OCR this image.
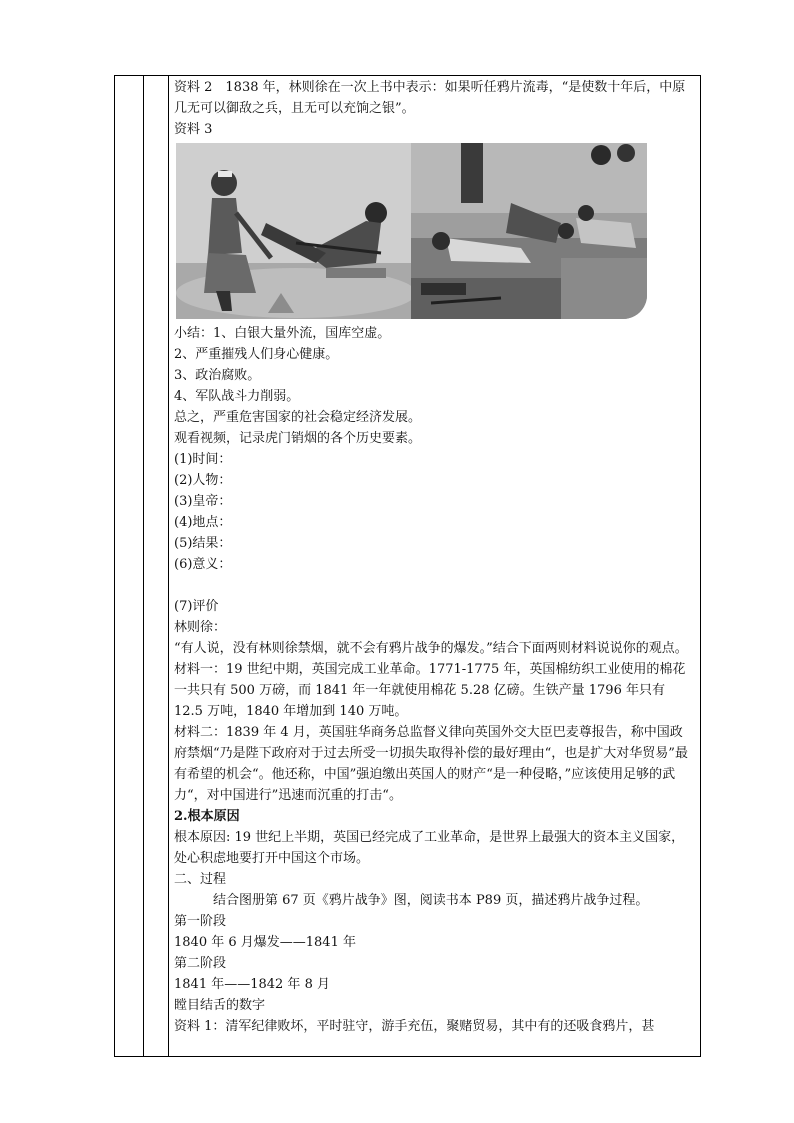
资料 2　1838 年，林则徐在一次上书中表示：如果听任鸦片流毒，“是使数十年后，中原几无可以御敌之兵，且无可以充饷之银”。

资料 3

小结：1、白银大量外流，国库空虚。

2、严重摧残人们身心健康。

3、政治腐败。

4、军队战斗力削弱。

总之，严重危害国家的社会稳定经济发展。

观看视频，记录虎门销烟的各个历史要素。

(1)时间：

(2)人物：

(3)皇帝：

(4)地点：

(5)结果：

(6)意义：

(7)评价

林则徐：

“有人说，没有林则徐禁烟，就不会有鸦片战争的爆发。”结合下面两则材料说说你的观点。

材料一：19 世纪中期，英国完成工业革命。1771-1775 年，英国棉纺织工业使用的棉花一共只有 500 万磅，而 1841 年一年就使用棉花 5.28 亿磅。生铁产量 1796 年只有 12.5 万吨，1840 年增加到 140 万吨。

材料二：1839 年 4 月，英国驻华商务总监督义律向英国外交大臣巴麦尊报告，称中国政府禁烟“乃是陛下政府对于过去所受一切损失取得补偿的最好理由“，也是扩大对华贸易”最有希望的机会“。他还称，中国”强迫缴出英国人的财产“是一种侵略，”应该使用足够的武力“，对中国进行”迅速而沉重的打击“。

2.根本原因

根本原因: 19 世纪上半期，英国已经完成了工业革命，是世界上最强大的资本主义国家，处心积虑地要打开中国这个市场。

二、过程

结合图册第 67 页《鸦片战争》图，阅读书本 P89 页，描述鸦片战争过程。

第一阶段

1840 年 6 月爆发——1841 年

第二阶段

1841 年——1842 年 8 月

瞠目结舌的数字

资料 1：清军纪律败坏，平时驻守，游手充伍，聚赌贸易，其中有的还吸食鸦片，甚
